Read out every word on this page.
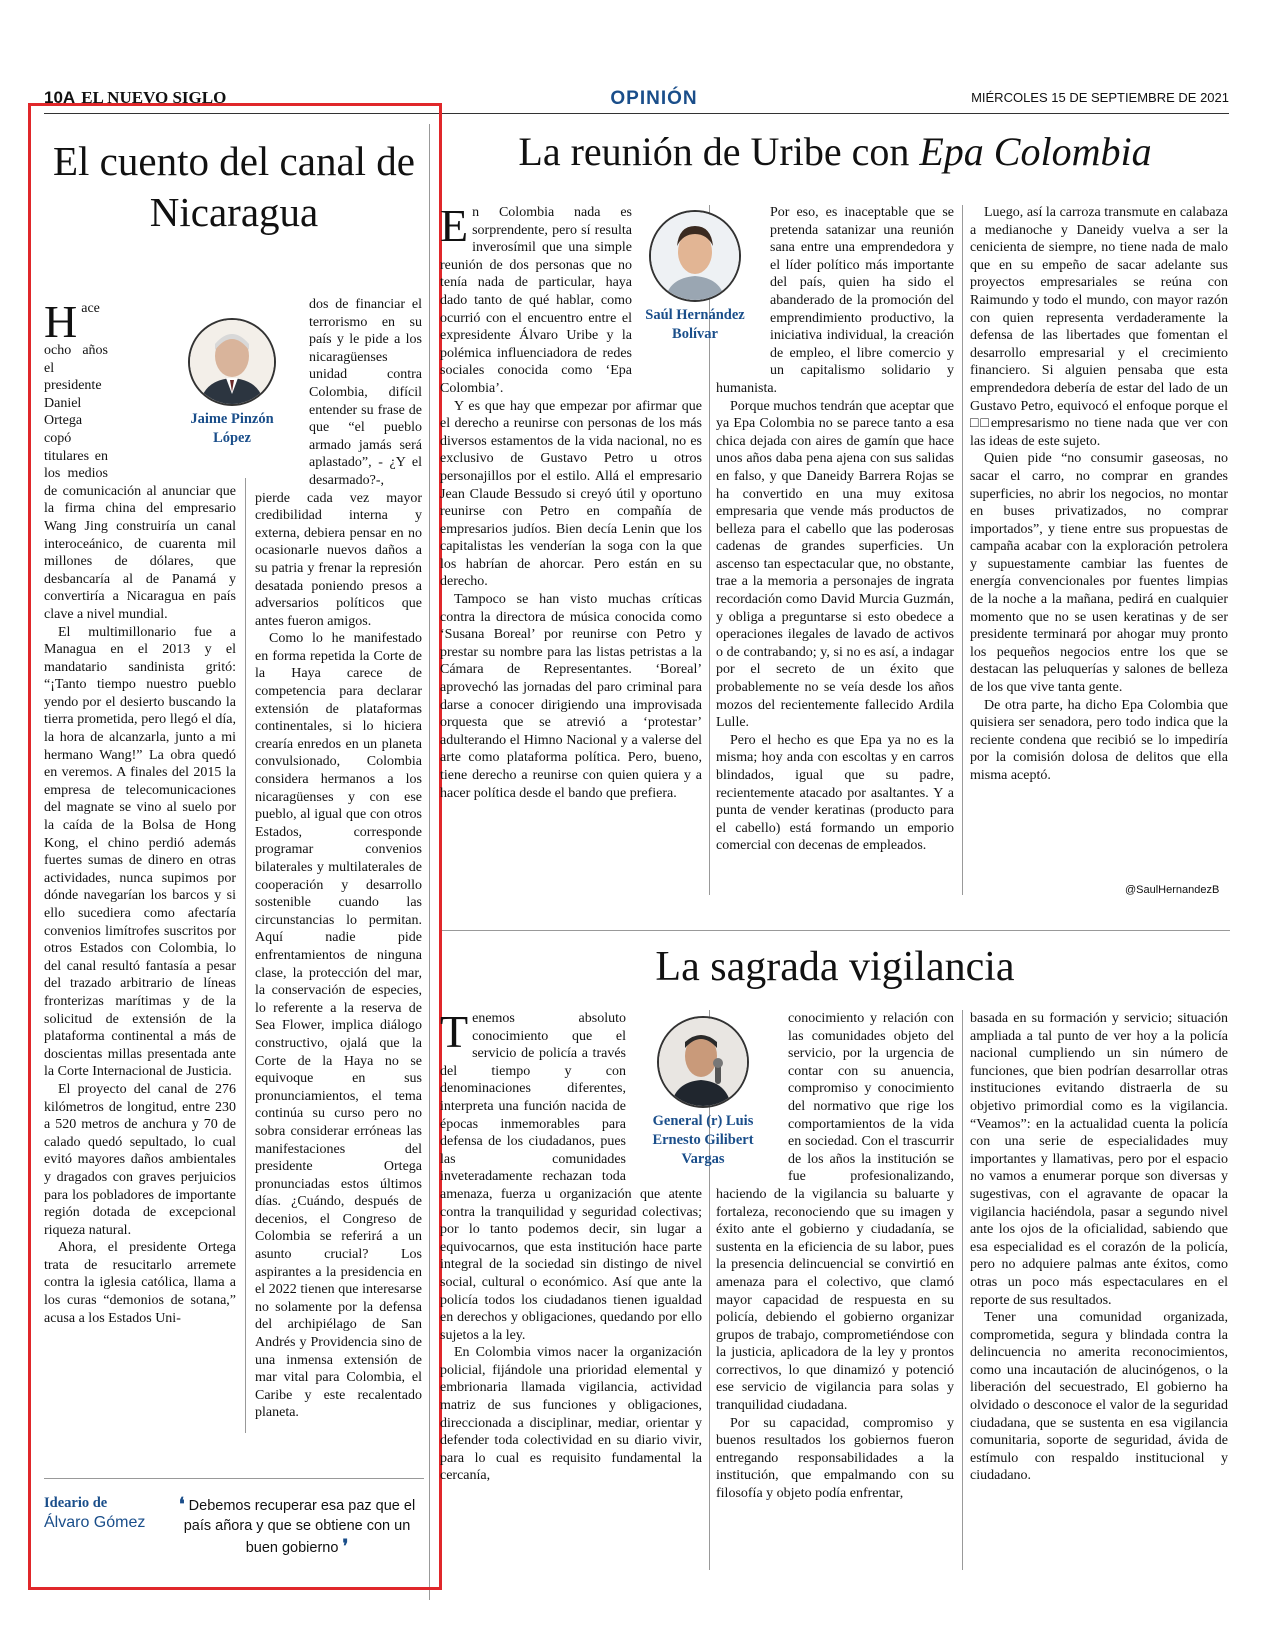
10A EL NUEVO SIGLO	OPINIÓN	MIÉRCOLES 15 DE SEPTIEMBRE DE 2021
El cuento del canal de Nicaragua
Jaime Pinzón López

Hace ocho años el presidente Daniel Ortega copó titulares en los medios de comunicación al anunciar que la firma china del empresario Wang Jing construiría un canal interoceánico, de cuarenta mil millones de dólares, que desbancaría al de Panamá y convertiría a Nicaragua en país clave a nivel mundial.

El multimillonario fue a Managua en el 2013 y el mandatario sandinista gritó: “¡Tanto tiempo nuestro pueblo yendo por el desierto buscando la tierra prometida, pero llegó el día, la hora de alcanzarla, junto a mi hermano Wang!” La obra quedó en veremos. A finales del 2015 la empresa de telecomunicaciones del magnate se vino al suelo por la caída de la Bolsa de Hong Kong, el chino perdió además fuertes sumas de dinero en otras actividades, nunca supimos por dónde navegarían los barcos y si ello sucediera como afectaría convenios limítrofes suscritos por otros Estados con Colombia, lo del canal resultó fantasía a pesar del trazado arbitrario de líneas fronterizas marítimas y de la solicitud de extensión de la plataforma continental a más de doscientas millas presentada ante la Corte Internacional de Justicia.

El proyecto del canal de 276 kilómetros de longitud, entre 230 a 520 metros de anchura y 70 de calado quedó sepultado, lo cual evitó mayores daños ambientales y dragados con graves perjuicios para los pobladores de importante región dotada de excepcional riqueza natural.

Ahora, el presidente Ortega trata de resucitarlo arremete contra la iglesia católica, llama a los curas “demonios de sotana,” acusa a los Estados Uni-

dos de financiar el terrorismo en su país y le pide a los nicaragüenses unidad contra Colombia, difícil entender su frase de que “el pueblo armado jamás será aplastado”, - ¿Y el desarmado?-, pierde cada vez mayor credibilidad interna y externa, debiera pensar en no ocasionarle nuevos daños a su patria y frenar la represión desatada poniendo presos a adversarios políticos que antes fueron amigos.

Como lo he manifestado en forma repetida la Corte de la Haya carece de competencia para declarar extensión de plataformas continentales, si lo hiciera crearía enredos en un planeta convulsionado, Colombia considera hermanos a los nicaragüenses y con ese pueblo, al igual que con otros Estados, corresponde programar convenios bilaterales y multilaterales de cooperación y desarrollo sostenible cuando las circunstancias lo permitan. Aquí nadie pide enfrentamientos de ninguna clase, la protección del mar, la conservación de especies, lo referente a la reserva de Sea Flower, implica diálogo constructivo, ojalá que la Corte de la Haya no se equivoque en sus pronunciamientos, el tema continúa su curso pero no sobra considerar erróneas las manifestaciones del presidente Ortega pronunciadas estos últimos días. ¿Cuándo, después de decenios, el Congreso de Colombia se referirá a un asunto crucial? Los aspirantes a la presidencia en el 2022 tienen que interesarse no solamente por la defensa del archipiélago de San Andrés y Providencia sino de una inmensa extensión de mar vital para Colombia, el Caribe y este recalentado planeta.

Ideario de
Álvaro Gómez
❛ Debemos recuperar esa paz que el país añora y que se obtiene con un buen gobierno ❜
La reunión de Uribe con Epa Colombia
Saúl Hernández Bolívar

En Colombia nada es sorprendente, pero sí resulta inverosímil que una simple reunión de dos personas que no tenía nada de particular, haya dado tanto de qué hablar, como ocurrió con el encuentro entre el expresidente Álvaro Uribe y la polémica influenciadora de redes sociales conocida como ‘Epa Colombia’.

Y es que hay que empezar por afirmar que el derecho a reunirse con personas de los más diversos estamentos de la vida nacional, no es exclusivo de Gustavo Petro u otros personajillos por el estilo. Allá el empresario Jean Claude Bessudo si creyó útil y oportuno reunirse con Petro en compañía de empresarios judíos. Bien decía Lenin que los capitalistas les venderían la soga con la que los habrían de ahorcar. Pero están en su derecho.

Tampoco se han visto muchas críticas contra la directora de música conocida como ‘Susana Boreal’ por reunirse con Petro y prestar su nombre para las listas petristas a la Cámara de Representantes. ‘Boreal’ aprovechó las jornadas del paro criminal para darse a conocer dirigiendo una improvisada orquesta que se atrevió a ‘protestar’ adulterando el Himno Nacional y a valerse del arte como plataforma política. Pero, bueno, tiene derecho a reunirse con quien quiera y a hacer política desde el bando que prefiera.

Por eso, es inaceptable que se pretenda satanizar una reunión sana entre una emprendedora y el líder político más importante del país, quien ha sido el abanderado de la promoción del emprendimiento productivo, la iniciativa individual, la creación de empleo, el libre comercio y un capitalismo solidario y humanista.

Porque muchos tendrán que aceptar que ya Epa Colombia no se parece tanto a esa chica dejada con aires de gamín que hace unos años daba pena ajena con sus salidas en falso, y que Daneidy Barrera Rojas se ha convertido en una muy exitosa empresaria que vende más productos de belleza para el cabello que las poderosas cadenas de grandes superficies. Un ascenso tan espectacular que, no obstante, trae a la memoria a personajes de ingrata recordación como David Murcia Guzmán, y obliga a preguntarse si esto obedece a operaciones ilegales de lavado de activos o de contrabando; y, si no es así, a indagar por el secreto de un éxito que probablemente no se veía desde los años mozos del recientemente fallecido Ardila Lulle.

Pero el hecho es que Epa ya no es la misma; hoy anda con escoltas y en carros blindados, igual que su padre, recientemente atacado por asaltantes. Y a punta de vender keratinas (producto para el cabello) está formando un emporio comercial con decenas de empleados.

Luego, así la carroza transmute en calabaza a medianoche y Daneidy vuelva a ser la cenicienta de siempre, no tiene nada de malo que en su empeño de sacar adelante sus proyectos empresariales se reúna con Raimundo y todo el mundo, con mayor razón con quien representa verdaderamente la defensa de las libertades que fomentan el desarrollo empresarial y el crecimiento financiero. Si alguien pensaba que esta emprendedora debería de estar del lado de un Gustavo Petro, equivocó el enfoque porque el □□empresarismo no tiene nada que ver con las ideas de este sujeto.

Quien pide “no consumir gaseosas, no sacar el carro, no comprar en grandes superficies, no abrir los negocios, no montar en buses privatizados, no comprar importados”, y tiene entre sus propuestas de campaña acabar con la exploración petrolera y supuestamente cambiar las fuentes de energía convencionales por fuentes limpias de la noche a la mañana, pedirá en cualquier momento que no se usen keratinas y de ser presidente terminará por ahogar muy pronto los pequeños negocios entre los que se destacan las peluquerías y salones de belleza de los que vive tanta gente.

De otra parte, ha dicho Epa Colombia que quisiera ser senadora, pero todo indica que la reciente condena que recibió se lo impediría por la comisión dolosa de delitos que ella misma aceptó.

@SaulHernandezB
La sagrada vigilancia
General (r) Luis Ernesto Gilibert Vargas

Tenemos absoluto conocimiento que el servicio de policía a través del tiempo y con denominaciones diferentes, interpreta una función nacida de épocas inmemorables para defensa de los ciudadanos, pues las comunidades inveteradamente rechazan toda amenaza, fuerza u organización que atente contra la tranquilidad y seguridad colectivas; por lo tanto podemos decir, sin lugar a equivocarnos, que esta institución hace parte integral de la sociedad sin distingo de nivel social, cultural o económico. Así que ante la policía todos los ciudadanos tienen igualdad en derechos y obligaciones, quedando por ello sujetos a la ley.

En Colombia vimos nacer la organización policial, fijándole una prioridad elemental y embrionaria llamada vigilancia, actividad matriz de sus funciones y obligaciones, direccionada a disciplinar, mediar, orientar y defender toda colectividad en su diario vivir, para lo cual es requisito fundamental la cercanía,

conocimiento y relación con las comunidades objeto del servicio, por la urgencia de contar con su anuencia, compromiso y conocimiento del normativo que rige los comportamientos de la vida en sociedad. Con el trascurrir de los años la institución se fue profesionalizando, haciendo de la vigilancia su baluarte y fortaleza, reconociendo que su imagen y éxito ante el gobierno y ciudadanía, se sustenta en la eficiencia de su labor, pues la presencia delincuencial se convirtió en amenaza para el colectivo, que clamó mayor capacidad de respuesta en su policía, debiendo el gobierno organizar grupos de trabajo, comprometiéndose con la justicia, aplicadora de la ley y prontos correctivos, lo que dinamizó y potenció ese servicio de vigilancia para solas y tranquilidad ciudadana.

Por su capacidad, compromiso y buenos resultados los gobiernos fueron entregando responsabilidades a la institución, que empalmando con su filosofía y objeto podía enfrentar,

basada en su formación y servicio; situación ampliada a tal punto de ver hoy a la policía nacional cumpliendo un sin número de funciones, que bien podrían desarrollar otras instituciones evitando distraerla de su objetivo primordial como es la vigilancia. “Veamos”: en la actualidad cuenta la policía con una serie de especialidades muy importantes y llamativas, pero por el espacio no vamos a enumerar porque son diversas y sugestivas, con el agravante de opacar la vigilancia haciéndola, pasar a segundo nivel ante los ojos de la oficialidad, sabiendo que esa especialidad es el corazón de la policía, pero no adquiere palmas ante éxitos, como otras un poco más espectaculares en el reporte de sus resultados.

Tener una comunidad organizada, comprometida, segura y blindada contra la delincuencia no amerita reconocimientos, como una incautación de alucinógenos, o la liberación del secuestrado, El gobierno ha olvidado o desconoce el valor de la seguridad ciudadana, que se sustenta en esa vigilancia comunitaria, soporte de seguridad, ávida de estímulo con respaldo institucional y ciudadano.
